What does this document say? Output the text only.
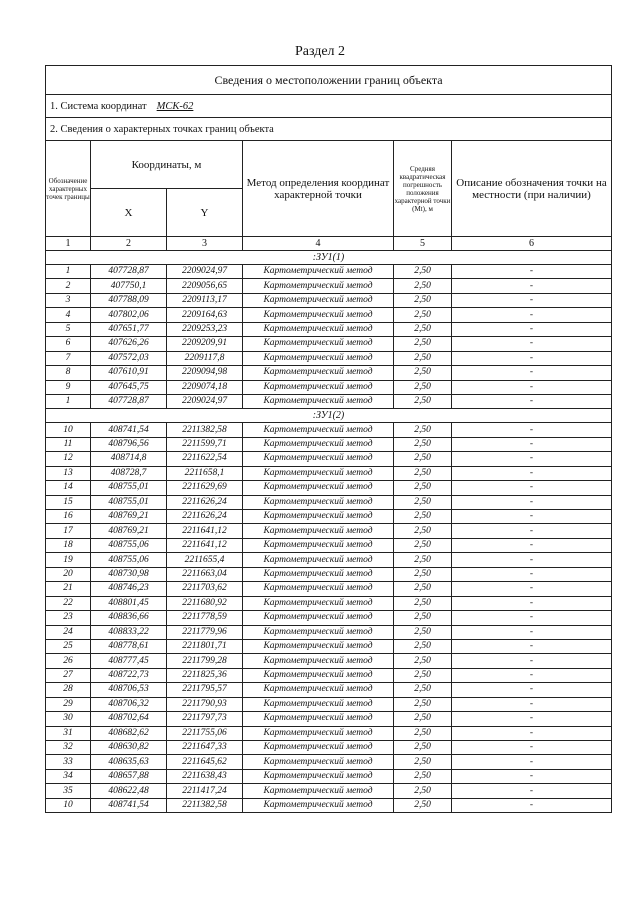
Раздел 2
Сведения о местоположении границ объекта					
1. Система координат МСК-62					
2. Сведения о характерных точках границ объекта					
Обозначение характерных точек границы	Координаты, м		Метод определения координат характерной точки	Средняя квадратическая погрешность положения характерной точки (Mt), м	Описание обозначения точки на местности (при наличии)
	X	Y			
1	2	3	4	5	6
:ЗУ1(1)					
1	407728,87	2209024,97	Картометрический метод	2,50	-
2	407750,1	2209056,65	Картометрический метод	2,50	-
3	407788,09	2209113,17	Картометрический метод	2,50	-
4	407802,06	2209164,63	Картометрический метод	2,50	-
5	407651,77	2209253,23	Картометрический метод	2,50	-
6	407626,26	2209209,91	Картометрический метод	2,50	-
7	407572,03	2209117,8	Картометрический метод	2,50	-
8	407610,91	2209094,98	Картометрический метод	2,50	-
9	407645,75	2209074,18	Картометрический метод	2,50	-
1	407728,87	2209024,97	Картометрический метод	2,50	-
:ЗУ1(2)					
10	408741,54	2211382,58	Картометрический метод	2,50	-
11	408796,56	2211599,71	Картометрический метод	2,50	-
12	408714,8	2211622,54	Картометрический метод	2,50	-
13	408728,7	2211658,1	Картометрический метод	2,50	-
14	408755,01	2211629,69	Картометрический метод	2,50	-
15	408755,01	2211626,24	Картометрический метод	2,50	-
16	408769,21	2211626,24	Картометрический метод	2,50	-
17	408769,21	2211641,12	Картометрический метод	2,50	-
18	408755,06	2211641,12	Картометрический метод	2,50	-
19	408755,06	2211655,4	Картометрический метод	2,50	-
20	408730,98	2211663,04	Картометрический метод	2,50	-
21	408746,23	2211703,62	Картометрический метод	2,50	-
22	408801,45	2211680,92	Картометрический метод	2,50	-
23	408836,66	2211778,59	Картометрический метод	2,50	-
24	408833,22	2211779,96	Картометрический метод	2,50	-
25	408778,61	2211801,71	Картометрический метод	2,50	-
26	408777,45	2211799,28	Картометрический метод	2,50	-
27	408722,73	2211825,36	Картометрический метод	2,50	-
28	408706,53	2211795,57	Картометрический метод	2,50	-
29	408706,32	2211790,93	Картометрический метод	2,50	-
30	408702,64	2211797,73	Картометрический метод	2,50	-
31	408682,62	2211755,06	Картометрический метод	2,50	-
32	408630,82	2211647,33	Картометрический метод	2,50	-
33	408635,63	2211645,62	Картометрический метод	2,50	-
34	408657,88	2211638,43	Картометрический метод	2,50	-
35	408622,48	2211417,24	Картометрический метод	2,50	-
10	408741,54	2211382,58	Картометрический метод	2,50	-
